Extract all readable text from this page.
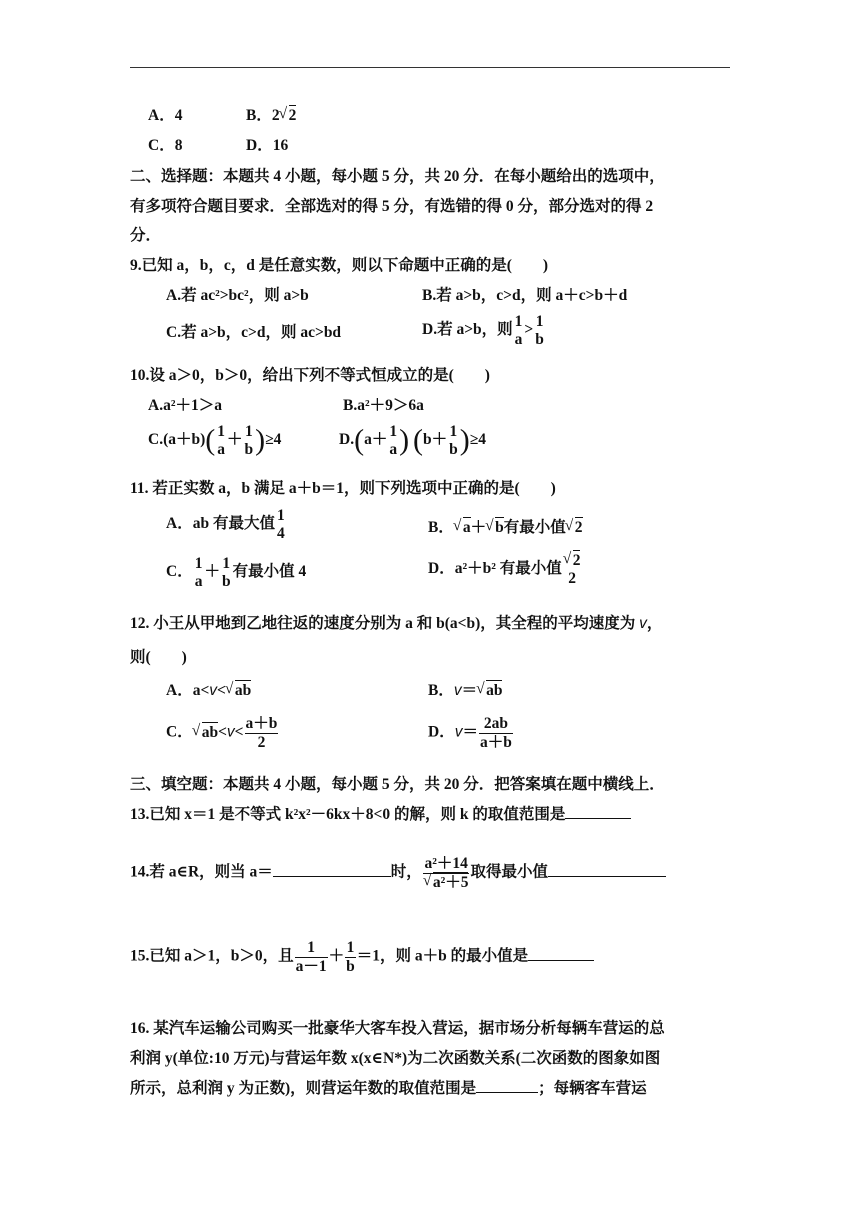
A．4	B．2 √ 2
C．8	D．16
二、选择题：本题共 4 小题，每小题 5 分，共 20 分．在每小题给出的选项中，
有多项符合题目要求．全部选对的得 5 分，有选错的得 0 分，部分选对的得 2
分．
9.已知 a，b，c，d 是任意实数，则以下命题中正确的是(　　)
A.若 ac²>bc²，则 a>b	B.若 a>b，c>d，则 a＋c>b＋d
C.若 a>b，c>d，则 ac>bd	D.若 a>b，则 1
a
> 1
b
10.设 a＞0，b＞0，给出下列不等式恒成立的是(　　)
A.a²＋1＞a	B.a²＋9＞6a
C.(a＋b)( 1
a
＋ 1
b )≥4	D.(a＋ 1
a ) (b＋ 1
b )≥4
11. 若正实数 a，b 满足 a＋b＝1，则下列选项中正确的是(　　)
A．ab 有最大值 1
4	B． √ a＋ √ b有最小值 √ 2
C． 1
a
＋ 1
b
有最小值 4	D．a²＋b² 有最小值 √ 2
2
12. 小王从甲地到乙地往返的速度分别为 a 和 b(a<b)，其全程的平均速度为 v，
则(　　)
A．a<v< √ ab	B．v＝ √ ab
C． √ $ab<v< \frac{a+b}{2}$	D．$v= \frac{2ab}{a+b}$
三、填空题：本题共 4 小题，每小题 5 分，共 20 分．把答案填在题中横线上．
13.已知 x＝1 是不等式 k²x²－6kx＋8<0 的解，则 k 的取值范围是
14.若 a∈R，则当 a＝	时， a²＋14
√ a²＋5 取得最小值
15.已知 a＞1，b＞0，且 $\frac{1}{a-1} + \frac{1}{b} =1$，则 a＋b 的最小值是
16. 某汽车运输公司购买一批豪华大客车投入营运，据市场分析每辆车营运的总
利润 y(单位:10 万元)与营运年数 x(x∈N*)为二次函数关系(二次函数的图象如图
所示，总利润 y 为正数)，则营运年数的取值范围是	；每辆客车营运
